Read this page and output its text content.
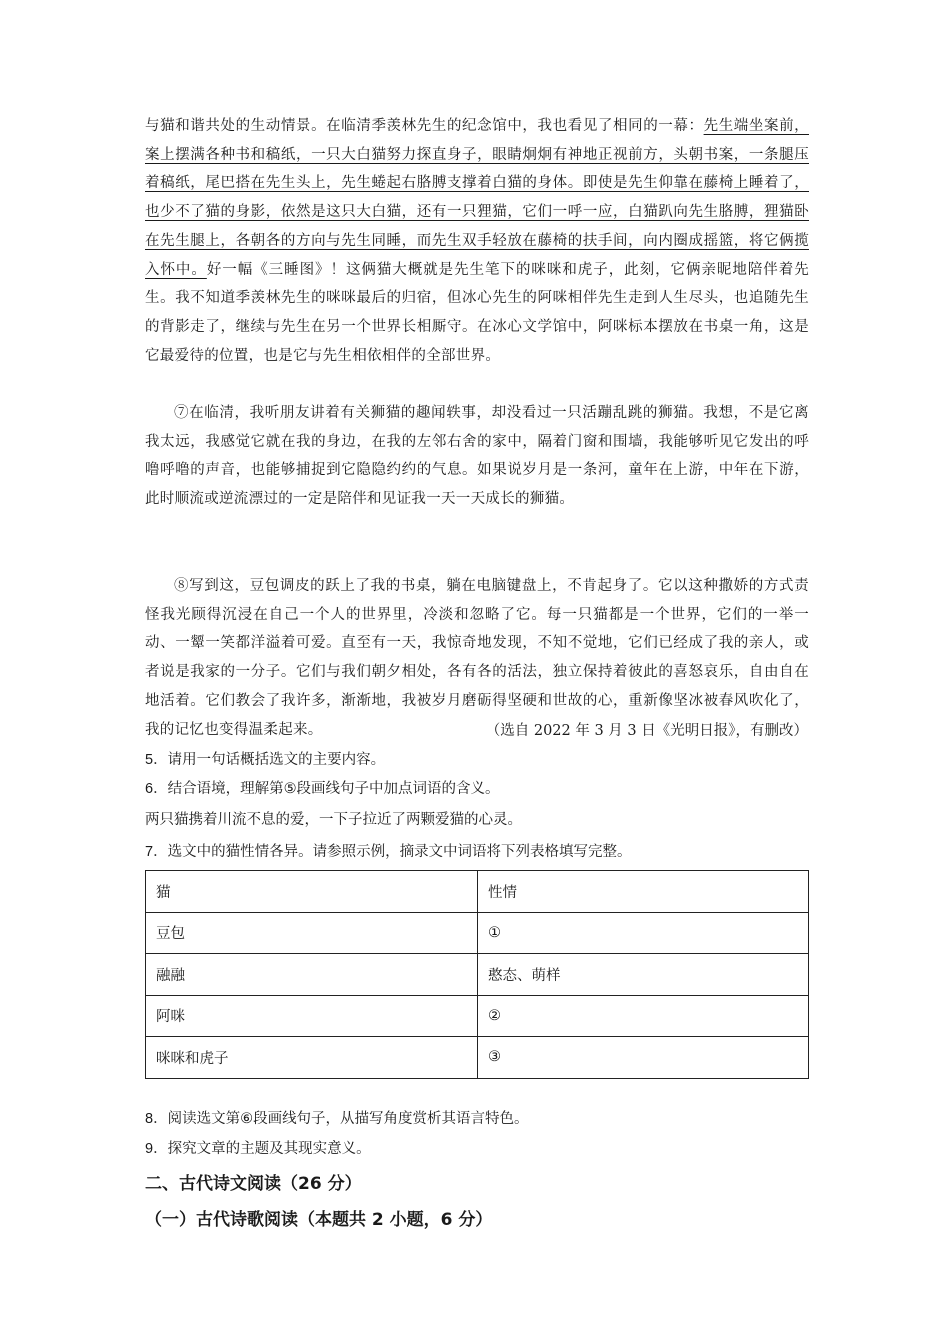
与猫和谐共处的生动情景。在临清季羡林先生的纪念馆中，我也看见了相同的一幕：先生端坐案前，案上摆满各种书和稿纸，一只大白猫努力探直身子，眼睛炯炯有神地正视前方，头朝书案，一条腿压着稿纸，尾巴搭在先生头上，先生蜷起右胳膊支撑着白猫的身体。即使是先生仰靠在藤椅上睡着了，也少不了猫的身影，依然是这只大白猫，还有一只狸猫，它们一呼一应，白猫趴向先生胳膊，狸猫卧在先生腿上，各朝各的方向与先生同睡，而先生双手轻放在藤椅的扶手间，向内圈成摇篮，将它俩揽入怀中。好一幅《三睡图》！这俩猫大概就是先生笔下的咪咪和虎子，此刻，它俩亲昵地陪伴着先生。我不知道季羡林先生的咪咪最后的归宿，但冰心先生的阿咪相伴先生走到人生尽头，也追随先生的背影走了，继续与先生在另一个世界长相厮守。在冰心文学馆中，阿咪标本摆放在书桌一角，这是它最爱待的位置，也是它与先生相依相伴的全部世界。
⑦在临清，我听朋友讲着有关狮猫的趣闻轶事，却没看过一只活蹦乱跳的狮猫。我想，不是它离我太远，我感觉它就在我的身边，在我的左邻右舍的家中，隔着门窗和围墙，我能够听见它发出的呼噜呼噜的声音，也能够捕捉到它隐隐约约的气息。如果说岁月是一条河，童年在上游，中年在下游，此时顺流或逆流漂过的一定是陪伴和见证我一天一天成长的狮猫。
⑧写到这，豆包调皮的跃上了我的书桌，躺在电脑键盘上，不肯起身了。它以这种撒娇的方式责怪我光顾得沉浸在自己一个人的世界里，冷淡和忽略了它。每一只猫都是一个世界，它们的一举一动、一颦一笑都洋溢着可爱。直至有一天，我惊奇地发现，不知不觉地，它们已经成了我的亲人，或者说是我家的一分子。它们与我们朝夕相处，各有各的活法，独立保持着彼此的喜怒哀乐，自由自在地活着。它们教会了我许多，渐渐地，我被岁月磨砺得坚硬和世故的心，重新像坚冰被春风吹化了，我的记忆也变得温柔起来。	（选自 2022 年 3 月 3 日《光明日报》，有删改）
5．请用一句话概括选文的主要内容。
6．结合语境，理解第⑤段画线句子中加点词语的含义。
两只猫携着川流不息的爱，一下子拉近了两颗爱猫的心灵。
7．选文中的猫性情各异。请参照示例，摘录文中词语将下列表格填写完整。
猫	性情
豆包	①
融融	憨态、萌样
阿咪	②
咪咪和虎子	③
8．阅读选文第⑥段画线句子，从描写角度赏析其语言特色。
9．探究文章的主题及其现实意义。
二、古代诗文阅读（26 分）
（一）古代诗歌阅读（本题共 2 小题，6 分）
